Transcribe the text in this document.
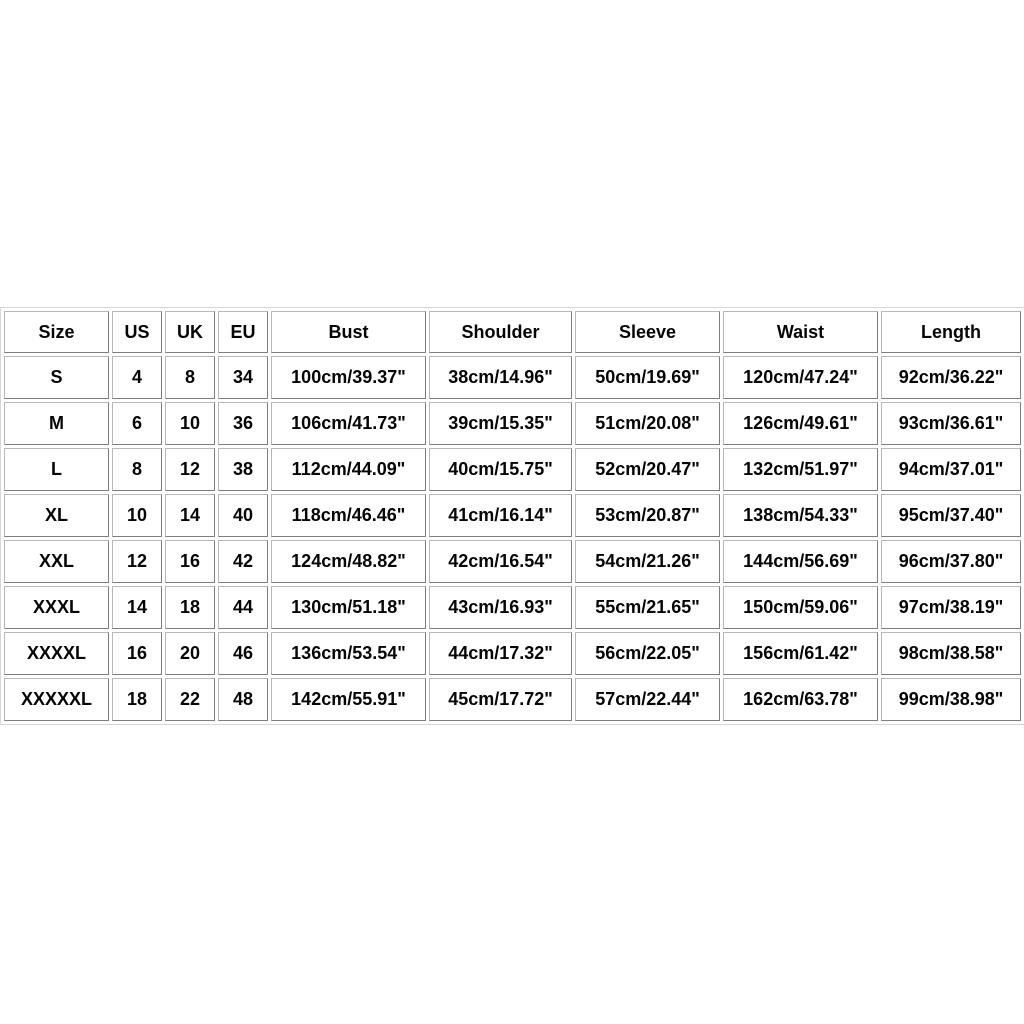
Size	US	UK	EU	Bust	Shoulder	Sleeve	Waist	Length
S	4	8	34	100cm/39.37"	38cm/14.96"	50cm/19.69"	120cm/47.24"	92cm/36.22"
M	6	10	36	106cm/41.73"	39cm/15.35"	51cm/20.08"	126cm/49.61"	93cm/36.61"
L	8	12	38	112cm/44.09"	40cm/15.75"	52cm/20.47"	132cm/51.97"	94cm/37.01"
XL	10	14	40	118cm/46.46"	41cm/16.14"	53cm/20.87"	138cm/54.33"	95cm/37.40"
XXL	12	16	42	124cm/48.82"	42cm/16.54"	54cm/21.26"	144cm/56.69"	96cm/37.80"
XXXL	14	18	44	130cm/51.18"	43cm/16.93"	55cm/21.65"	150cm/59.06"	97cm/38.19"
XXXXL	16	20	46	136cm/53.54"	44cm/17.32"	56cm/22.05"	156cm/61.42"	98cm/38.58"
XXXXXL	18	22	48	142cm/55.91"	45cm/17.72"	57cm/22.44"	162cm/63.78"	99cm/38.98"
